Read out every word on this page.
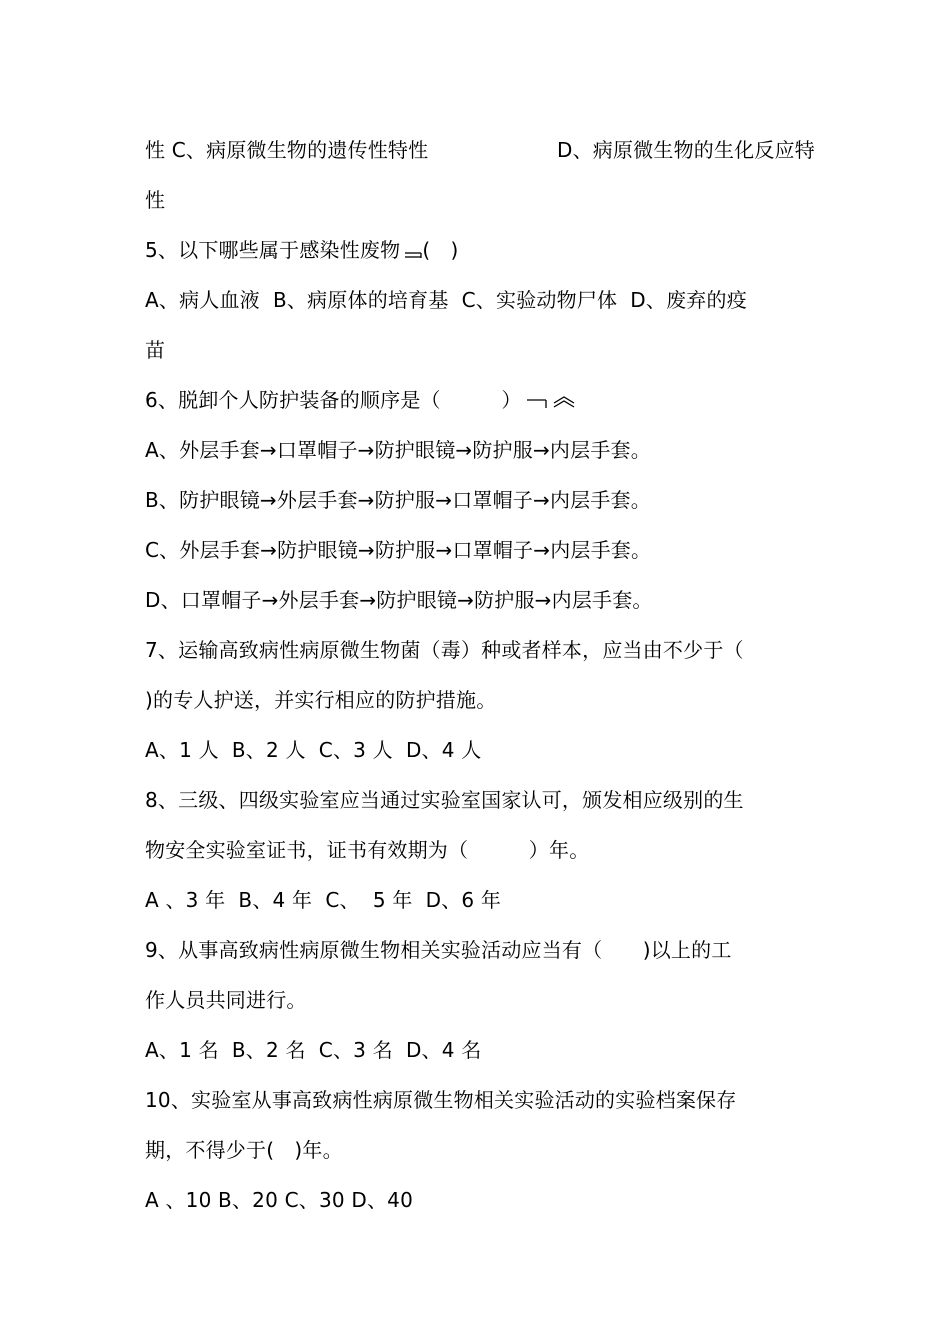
性 C、病原微生物的遗传性特性	D、病原微生物的生化反应特
性
5、以下哪些属于感染性废物 (　)
A、病人血液  B、病原体的培育基  C、实验动物尸体  D、废弃的疫
苗
6、脱卸个人防护装备的顺序是（　　　）
A、外层手套→口罩帽子→防护眼镜→防护服→内层手套。
B、防护眼镜→外层手套→防护服→口罩帽子→内层手套。
C、外层手套→防护眼镜→防护服→口罩帽子→内层手套。
D、口罩帽子→外层手套→防护眼镜→防护服→内层手套。
7、运输高致病性病原微生物菌（毒）种或者样本，应当由不少于（
)的专人护送，并实行相应的防护措施。
A、1 人  B、2 人  C、3 人  D、4 人
8、三级、四级实验室应当通过实验室国家认可，颁发相应级别的生
物安全实验室证书，证书有效期为（　　　）年。
A 、3 年  B、4 年  C、  5 年  D、6 年
9、从事高致病性病原微生物相关实验活动应当有（　　)以上的工
作人员共同进行。
A、1 名  B、2 名  C、3 名  D、4 名
10、实验室从事高致病性病原微生物相关实验活动的实验档案保存
期，不得少于(　)年。
A 、10 B、20 C、30 D、40
